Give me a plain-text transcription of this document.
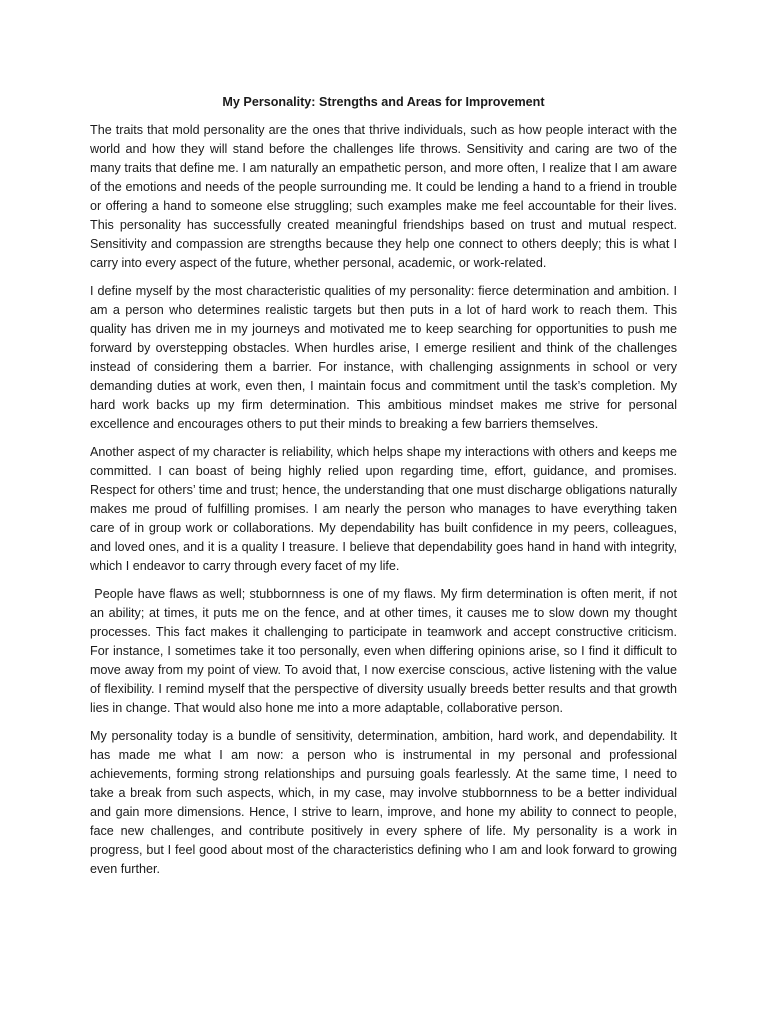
My Personality: Strengths and Areas for Improvement

The traits that mold personality are the ones that thrive individuals, such as how people interact with the world and how they will stand before the challenges life throws. Sensitivity and caring are two of the many traits that define me. I am naturally an empathetic person, and more often, I realize that I am aware of the emotions and needs of the people surrounding me. It could be lending a hand to a friend in trouble or offering a hand to someone else struggling; such examples make me feel accountable for their lives. This personality has successfully created meaningful friendships based on trust and mutual respect. Sensitivity and compassion are strengths because they help one connect to others deeply; this is what I carry into every aspect of the future, whether personal, academic, or work-related.

I define myself by the most characteristic qualities of my personality: fierce determination and ambition. I am a person who determines realistic targets but then puts in a lot of hard work to reach them. This quality has driven me in my journeys and motivated me to keep searching for opportunities to push me forward by overstepping obstacles. When hurdles arise, I emerge resilient and think of the challenges instead of considering them a barrier. For instance, with challenging assignments in school or very demanding duties at work, even then, I maintain focus and commitment until the task’s completion. My hard work backs up my firm determination. This ambitious mindset makes me strive for personal excellence and encourages others to put their minds to breaking a few barriers themselves.

Another aspect of my character is reliability, which helps shape my interactions with others and keeps me committed. I can boast of being highly relied upon regarding time, effort, guidance, and promises. Respect for others’ time and trust; hence, the understanding that one must discharge obligations naturally makes me proud of fulfilling promises. I am nearly the person who manages to have everything taken care of in group work or collaborations. My dependability has built confidence in my peers, colleagues, and loved ones, and it is a quality I treasure. I believe that dependability goes hand in hand with integrity, which I endeavor to carry through every facet of my life.

People have flaws as well; stubbornness is one of my flaws. My firm determination is often merit, if not an ability; at times, it puts me on the fence, and at other times, it causes me to slow down my thought processes. This fact makes it challenging to participate in teamwork and accept constructive criticism. For instance, I sometimes take it too personally, even when differing opinions arise, so I find it difficult to move away from my point of view. To avoid that, I now exercise conscious, active listening with the value of flexibility. I remind myself that the perspective of diversity usually breeds better results and that growth lies in change. That would also hone me into a more adaptable, collaborative person.

My personality today is a bundle of sensitivity, determination, ambition, hard work, and dependability. It has made me what I am now: a person who is instrumental in my personal and professional achievements, forming strong relationships and pursuing goals fearlessly. At the same time, I need to take a break from such aspects, which, in my case, may involve stubbornness to be a better individual and gain more dimensions. Hence, I strive to learn, improve, and hone my ability to connect to people, face new challenges, and contribute positively in every sphere of life. My personality is a work in progress, but I feel good about most of the characteristics defining who I am and look forward to growing even further.
